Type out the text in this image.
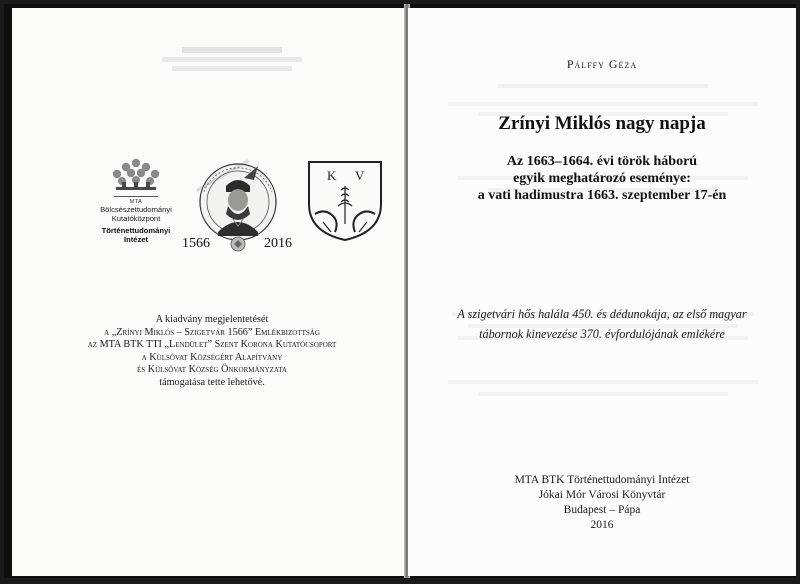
MTA
Bölcsészettudományi
Kutatóközpont
Történettudományi
Intézet	1566	2016
K V
A kiadvány megjelentetését
a „Zrínyi Miklós – Szigetvár 1566” Emlékbizottság
az MTA BTK TTI „Lendület” Szent Korona Kutatócsoport
a Külsővat Községért Alapítvány
és Külsővat Község Önkormányzata
támogatása tette lehetővé.
Pálffy Géza
Zrínyi Miklós nagy napja
Az 1663–1664. évi török háború
egyik meghatározó eseménye:
a vati hadimustra 1663. szeptember 17-én
A szigetvári hős halála 450. és dédunokája, az első magyar
tábornok kinevezése 370. évfordulójának emlékére
MTA BTK Történettudományi Intézet
Jókai Mór Városi Könyvtár
Budapest – Pápa
2016
